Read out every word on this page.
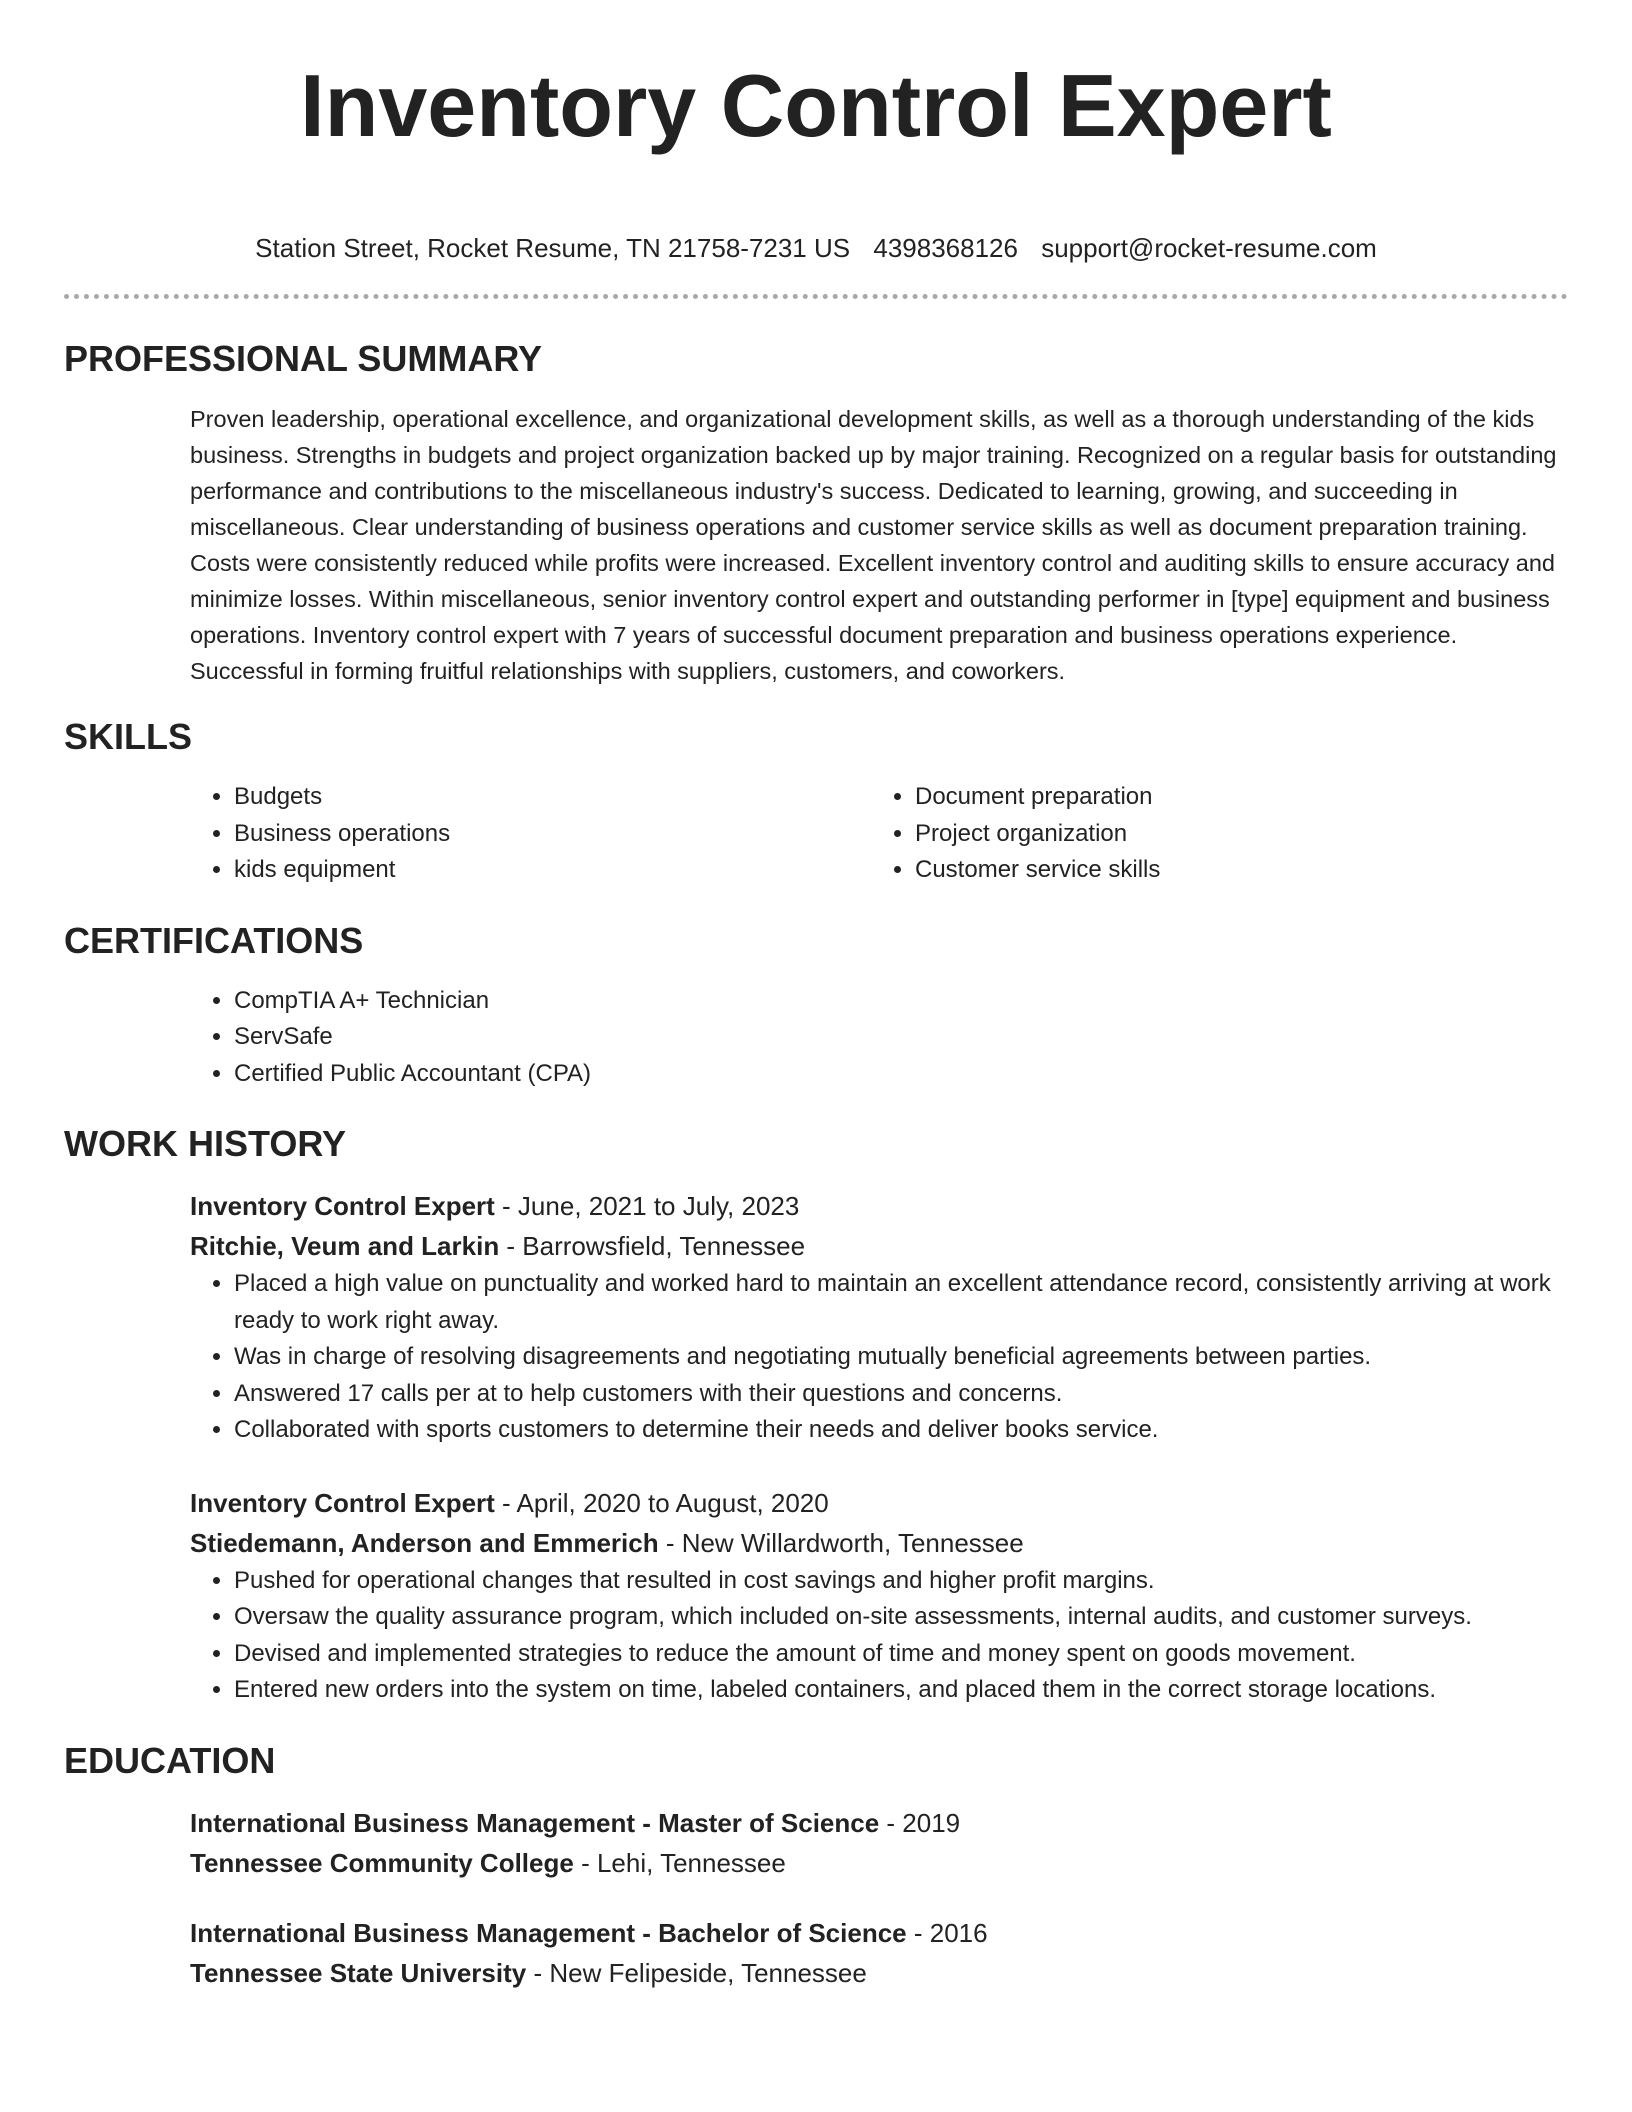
Inventory Control Expert
Station Street, Rocket Resume, TN 21758-7231 US 4398368126 support@rocket-resume.com
PROFESSIONAL SUMMARY

Proven leadership, operational excellence, and organizational development skills, as well as a thorough understanding of the kids business. Strengths in budgets and project organization backed up by major training. Recognized on a regular basis for outstanding performance and contributions to the miscellaneous industry's success. Dedicated to learning, growing, and succeeding in miscellaneous. Clear understanding of business operations and customer service skills as well as document preparation training. Costs were consistently reduced while profits were increased. Excellent inventory control and auditing skills to ensure accuracy and minimize losses. Within miscellaneous, senior inventory control expert and outstanding performer in [type] equipment and business operations. Inventory control expert with 7 years of successful document preparation and business operations experience. Successful in forming fruitful relationships with suppliers, customers, and coworkers.

SKILLS
• Budgets
• Business operations
• kids equipment
• Document preparation
• Project organization
• Customer service skills
CERTIFICATIONS
• CompTIA A+ Technician
• ServSafe
• Certified Public Accountant (CPA)
WORK HISTORY
Inventory Control Expert - June, 2021 to July, 2023
Ritchie, Veum and Larkin - Barrowsfield, Tennessee
• Placed a high value on punctuality and worked hard to maintain an excellent attendance record, consistently arriving at work ready to work right away.
• Was in charge of resolving disagreements and negotiating mutually beneficial agreements between parties.
• Answered 17 calls per at to help customers with their questions and concerns.
• Collaborated with sports customers to determine their needs and deliver books service.
Inventory Control Expert - April, 2020 to August, 2020
Stiedemann, Anderson and Emmerich - New Willardworth, Tennessee
• Pushed for operational changes that resulted in cost savings and higher profit margins.
• Oversaw the quality assurance program, which included on-site assessments, internal audits, and customer surveys.
• Devised and implemented strategies to reduce the amount of time and money spent on goods movement.
• Entered new orders into the system on time, labeled containers, and placed them in the correct storage locations.
EDUCATION
International Business Management - Master of Science - 2019
Tennessee Community College - Lehi, Tennessee
International Business Management - Bachelor of Science - 2016
Tennessee State University - New Felipeside, Tennessee
